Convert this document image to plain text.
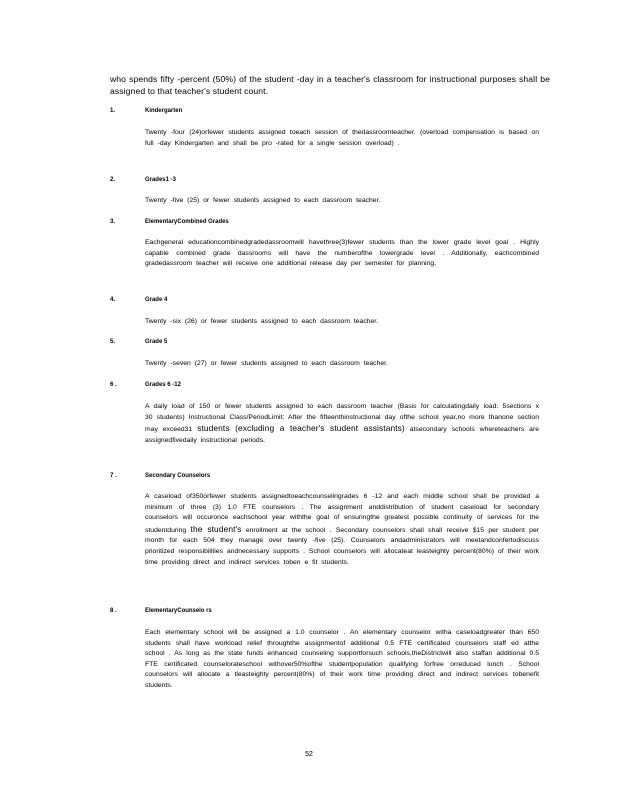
who spends fifty -percent (50%) of the student -day in a teacher's classroom for instructional purposes shall be assigned to that teacher's student count.
1.	Kindergarten
Twenty -four (24)orfewer students assigned toeach session of thedassroomteacher. (overload compensation is based on full -day Kindergarten and shall be pro -rated for a single session overload) .
2.	Grades1 -3
Twenty -five (25) or fewer students assigned to each dassroom teacher.
3.	ElementaryCombined Grades
Eachgeneral educationcombinedgradedassroomwill havethree(3)fewer students than the lower grade level goal . Highly capable combined grade dassrooms will have the numberofthe lowergrade level . Additionally, eachcombined gradedassroom teacher will receive one additional release day per semester for planning.
4.	Grade 4
Twenty -six (26) or fewer students assigned to each dassroom teacher.
5.	Grade 5
Twenty -seven (27) or fewer students assigned to each dassroom teacher.
6 .	Grades 6 -12
A daily load of 150 or fewer students assigned to each dassroom teacher (Basis for calculatingdaily load: 5sections x 30 students) Instructional Class/PeriodLimit: After the fifteenthinstructional day ofthe school year,no more thanone section may exceed31 students (excluding a teacher's student assistants) atsecondary schools whereteachers are assignedfivedaily instructional periods.
7 .	Secondary Counselors
A caseload of350orfewer students assignedtoeachcounselingrades 6 -12 and each middle school shall be provided a minimum of three (3) 1.0 FTE counselors . The assignment anddistribution of student caseload for secondary counselors will occuronce eachschool year withthe goal of ensuringthe greatest possible continuity of services for the studentduring the student's enrollment at the school . Secondary counselors shall shall receive $15 per student per month for each 504 they manage over twenty -five (25). Counselors andadministrators will meetandconfertodiscuss prioritized responsibilities andnecessary supports . School counselors will allocateat leasteighty percent(80%) of their work time providing direct and indirect services toben e fit students.
8 .	ElementaryCounselo rs
Each elementary school will be assigned a 1.0 counselor . An elementary counselor witha caseloadgreater than 650 students shall have workload relief throughthe assignmentof additional 0.5 FTE certificated counselors staff ed atthe school . As long as the state funds enhanced counseling supportforsuch schools,theDistrictwill also staffan additional 0.5 FTE certificated counselorateschool withover50%ofthe studentpopulation qualifying forfree orreduced lunch . School counselors will allocate a tleasteighty percent(80%) of their work time providing direct and indirect services tobenefit students.
52
